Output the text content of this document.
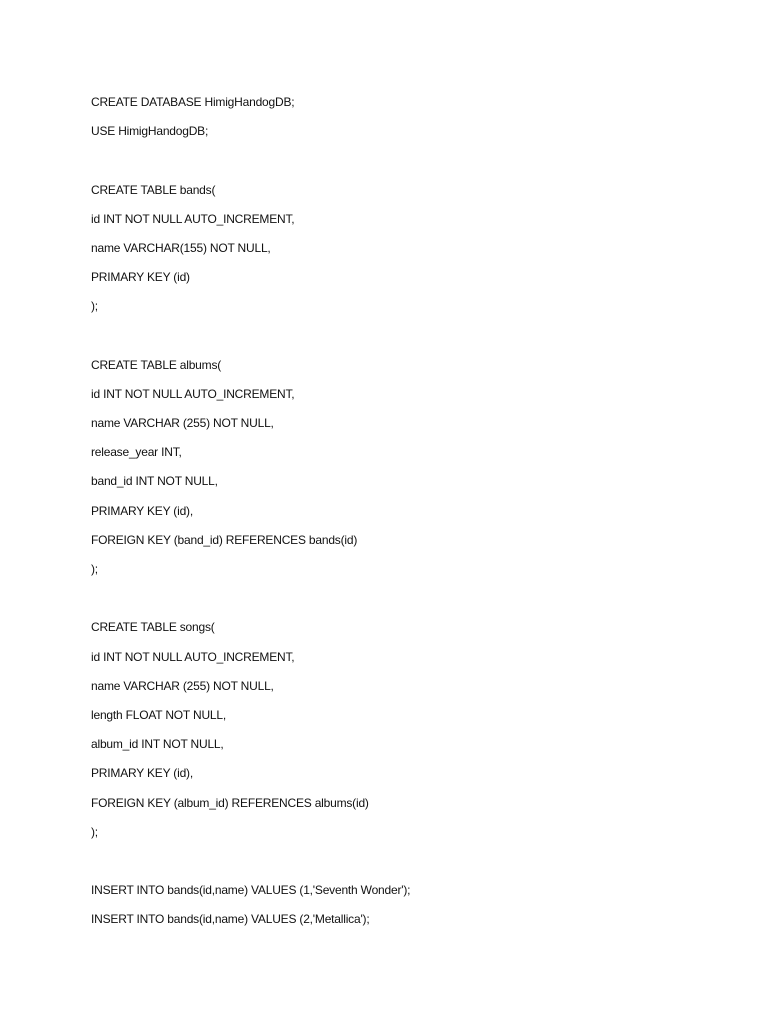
CREATE DATABASE HimigHandogDB;
USE HimigHandogDB;
CREATE TABLE bands(
id INT NOT NULL AUTO_INCREMENT,
name VARCHAR(155) NOT NULL,
PRIMARY KEY (id)
);
CREATE TABLE albums(
id INT NOT NULL AUTO_INCREMENT,
name VARCHAR (255) NOT NULL,
release_year INT,
band_id INT NOT NULL,
PRIMARY KEY (id),
FOREIGN KEY (band_id) REFERENCES bands(id)
);
CREATE TABLE songs(
id INT NOT NULL AUTO_INCREMENT,
name VARCHAR (255) NOT NULL,
length FLOAT NOT NULL,
album_id INT NOT NULL,
PRIMARY KEY (id),
FOREIGN KEY (album_id) REFERENCES albums(id)
);
INSERT INTO bands(id,name) VALUES (1,'Seventh Wonder');
INSERT INTO bands(id,name) VALUES (2,'Metallica');
